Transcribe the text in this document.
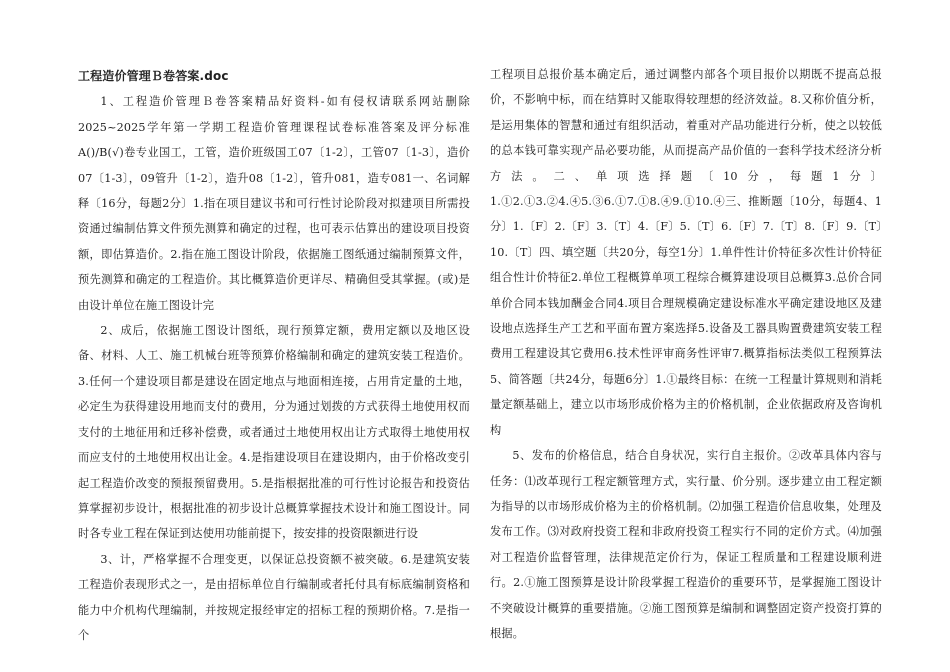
工程造价管理Ｂ卷答案.doc

1、工程造价管理Ｂ卷答案精品好资料-如有侵权请联系网站删除2025~2025学年第一学期工程造价管理课程试卷标准答案及评分标准A()/B(√)卷专业国工，工管，造价班级国工07〔1-2〕，工管07〔1-3〕，造价07〔1-3〕，09管升〔1-2〕，造升08〔1-2〕，管升081，造专081一、名词解释〔16分，每题2分〕1.指在项目建议书和可行性讨论阶段对拟建项目所需投资通过编制估算文件预先测算和确定的过程，也可表示估算出的建设项目投资额，即估算造价。2.指在施工图设计阶段，依据施工图纸通过编制预算文件，预先测算和确定的工程造价。其比概算造价更详尽、精确但受其掌握。(或)是由设计单位在施工图设计完

2、成后，依据施工图设计图纸，现行预算定额，费用定额以及地区设备、材料、人工、施工机械台班等预算价格编制和确定的建筑安装工程造价。3.任何一个建设项目都是建设在固定地点与地面相连接，占用肯定量的土地，必定生为获得建设用地而支付的费用，分为通过划拨的方式获得土地使用权而支付的土地征用和迁移补偿费，或者通过土地使用权出让方式取得土地使用权而应支付的土地使用权出让金。4.是指建设项目在建设期内，由于价格改变引起工程造价改变的预报预留费用。5.是指根据批准的可行性讨论报告和投资估算掌握初步设计，根据批准的初步设计总概算掌握技术设计和施工图设计。同时各专业工程在保证到达使用功能前提下，按安排的投资限额进行设

3、计，严格掌握不合理变更，以保证总投资额不被突破。6.是建筑安装工程造价表现形式之一，是由招标单位自行编制或者托付具有标底编制资格和能力中介机构代理编制，并按规定报经审定的招标工程的预期价格。7.是指一个

工程项目总报价基本确定后，通过调整内部各个项目报价以期既不提高总报价，不影响中标，而在结算时又能取得较理想的经济效益。8.又称价值分析，是运用集体的智慧和通过有组织活动，着重对产品功能进行分析，使之以较低的总本钱可靠实现产品必要功能，从而提高产品价值的一套科学技术经济分析方法。二、单项选择题〔10分，每题1分〕1.①2.①3.②4.④5.③6.①7.①8.④9.①10.④三、推断题〔10分，每题4、1分〕1.〔F〕2.〔F〕3.〔T〕4.〔F〕5.〔T〕6.〔F〕7.〔T〕8.〔F〕9.〔T〕10.〔T〕四、填空题〔共20分，每空1分〕1.单件性计价特征多次性计价特征组合性计价特征2.单位工程概算单项工程综合概算建设项目总概算3.总价合同单价合同本钱加酬金合同4.项目合理规模确定建设标准水平确定建设地区及建设地点选择生产工艺和平面布置方案选择5.设备及工器具购置费建筑安装工程费用工程建设其它费用6.技术性评审商务性评审7.概算指标法类似工程预算法5、简答题〔共24分，每题6分〕1.①最终目标：在统一工程量计算规则和消耗量定额基础上，建立以市场形成价格为主的价格机制，企业依据政府及咨询机构

5、发布的价格信息，结合自身状况，实行自主报价。②改革具体内容与任务：⑴改革现行工程定额管理方式，实行量、价分别。逐步建立由工程定额为指导的以市场形成价格为主的价格机制。⑵加强工程造价信息收集，处理及发布工作。⑶对政府投资工程和非政府投资工程实行不同的定价方式。⑷加强对工程造价监督管理，法律规范定价行为，保证工程质量和工程建设顺利进行。2.①施工图预算是设计阶段掌握工程造价的重要环节，是掌握施工图设计不突破设计概算的重要措施。②施工图预算是编制和调整固定资产投资打算的根据。
